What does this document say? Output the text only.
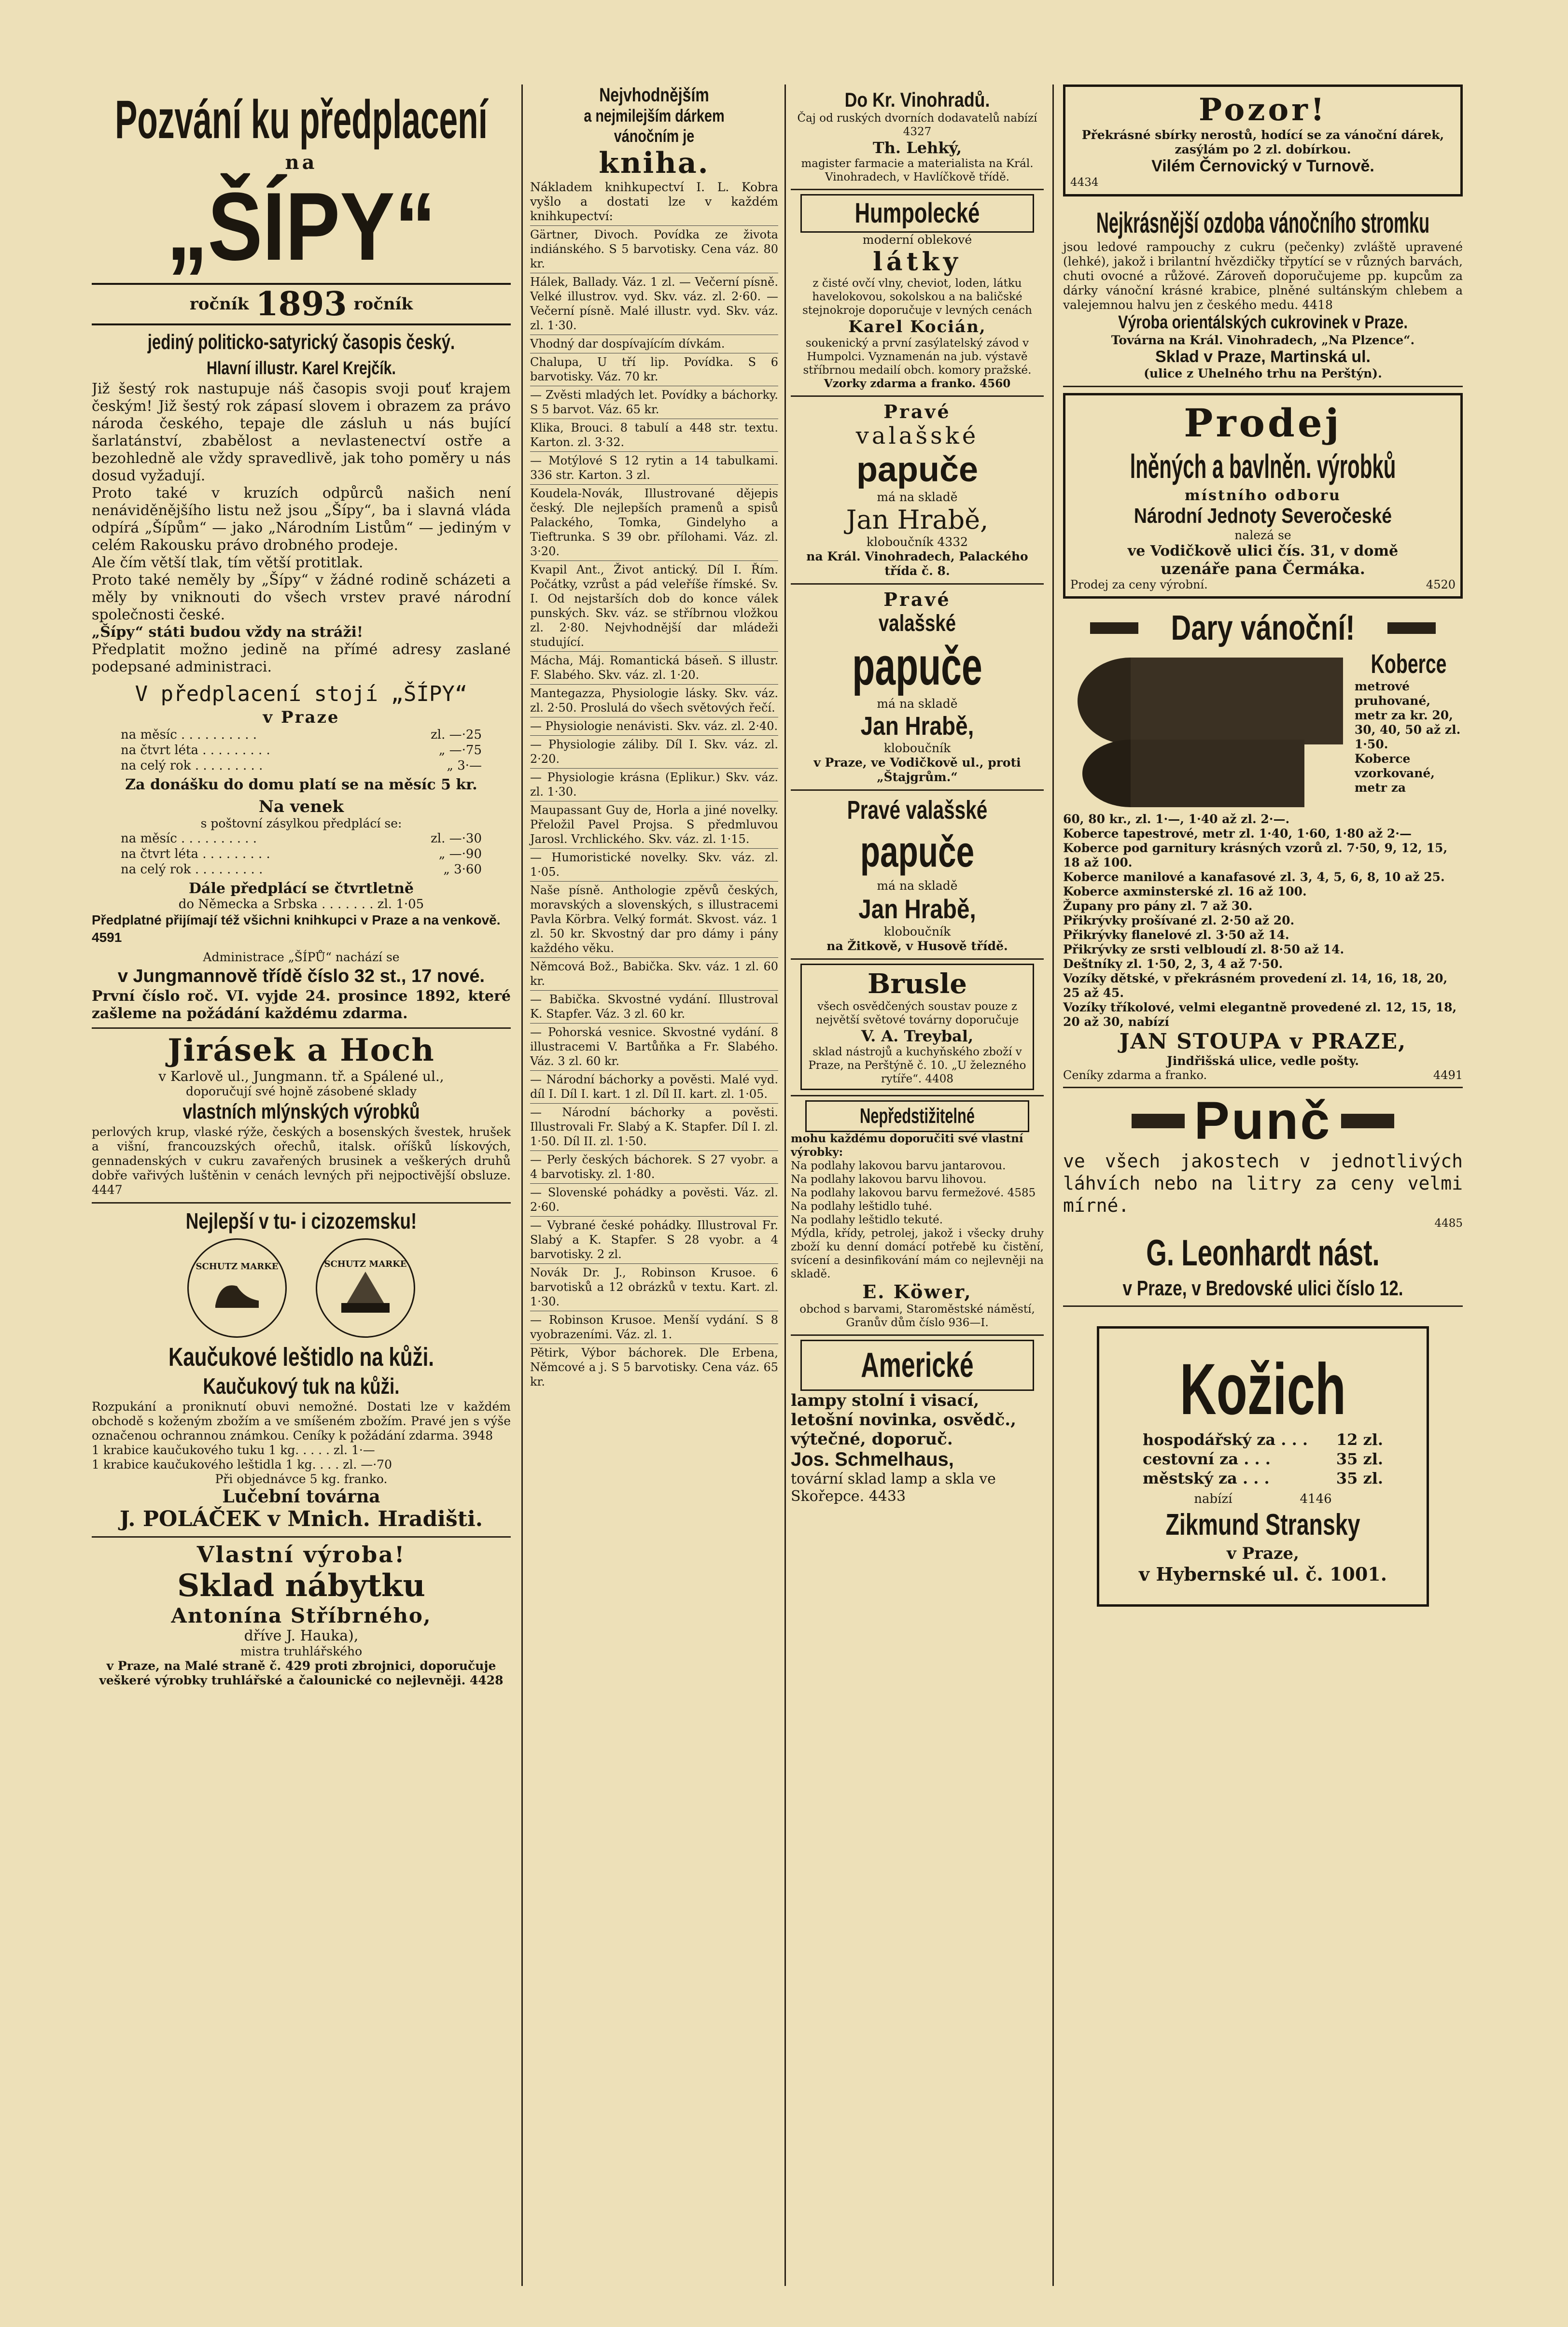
Pozvání ku předplacení

na

„ŠÍPY“

ročník 1893 ročník

jediný politicko-satyrický časopis český.

Hlavní illustr. Karel Krejčík.

Již šestý rok nastupuje náš časopis svoji pouť krajem českým! Již šestý rok zápasí slovem i obrazem za právo národa českého, tepaje dle zásluh u nás bující šarlatánství, zbabělost a nevlastenectví ostře a bezohledně ale vždy spravedlivě, jak toho poměry u nás dosud vyžadují.

Proto také v kruzích odpůrců našich není nenáviděnějšího listu než jsou „Šípy“, ba i slavná vláda odpírá „Šípům“ — jako „Národním Listům“ — jediným v celém Rakousku právo drobného prodeje.

Ale čím větší tlak, tím větší protitlak.

Proto také neměly by „Šípy“ v žádné rodině scházeti a měly by vniknouti do všech vrstev pravé národní společnosti české.

„Šípy“ státi budou vždy na stráži!

Předplatit možno jedině na přímé adresy zaslané podepsané administraci.

V předplacení stojí „ŠÍPY“

v Praze

na měsíc . . . . . . . . . .	zl. —·25
na čtvrt léta . . . . . . . . .	„ —·75
na celý rok . . . . . . . . .	„ 3·—

Za donášku do domu platí se na měsíc 5 kr.

Na venek

s poštovní zásylkou předplácí se:

na měsíc . . . . . . . . . .	zl. —·30
na čtvrt léta . . . . . . . . .	„ —·90
na celý rok . . . . . . . . .	„ 3·60

Dále předplácí se čtvrtletně

do Německa a Srbska . . . . . . . zl. 1·05

Předplatné přijímají též všichni knihkupci v Praze a na venkově. 4591

Administrace „ŠÍPŮ“ nachází se

v Jungmannově třídě číslo 32 st., 17 nové.

První číslo roč. VI. vyjde 24. prosince 1892, které zašleme na požádání každému zdarma.

Jirásek a Hoch

v Karlově ul., Jungmann. tř. a Spálené ul.,

doporučují své hojně zásobené sklady

vlastních mlýnských výrobků

perlových krup, vlaské rýže, českých a bosenských švestek, hrušek a višní, francouzských ořechů, italsk. oříšků lískových, gennadenských v cukru zavařených brusinek a veškerých druhů dobře vařivých luštěnin v cenách levných při nejpoctivější obsluze. 4447

Nejlepší v tu- i cizozemsku!

SCHUTZ MARKE	SCHUTZ MARKE

Kaučukové leštidlo na kůži.

Kaučukový tuk na kůži.

Rozpukání a proniknutí obuvi nemožné. Dostati lze v každém obchodě s koženým zbožím a ve smíšeném zbožím. Pravé jen s výše označenou ochrannou známkou. Ceníky k požádání zdarma. 3948

1 krabice kaučukového tuku 1 kg. . . . . zl. 1·—

1 krabice kaučukového leštidla 1 kg. . . . zl. —·70

Při objednávce 5 kg. franko.

Lučební továrna

J. POLÁČEK v Mnich. Hradišti.

Vlastní výroba!

Sklad nábytku

Antonína Stříbrného,

dříve J. Hauka),

mistra truhlářského

v Praze, na Malé straně č. 429 proti zbrojnici, doporučuje veškeré výrobky truhlářské a čalounické co nejlevněji. 4428

Nejvhodnějším

a nejmilejším dárkem vánočním je

kniha.

Nákladem knihkupectví I. L. Kobra vyšlo a dostati lze v každém knihkupectví:

Gärtner, Divoch. Povídka ze života indiánského. S 5 barvotisky. Cena váz. 80 kr.

Hálek, Ballady. Váz. 1 zl. — Večerní písně. Velké illustrov. vyd. Skv. váz. zl. 2·60. — Večerní písně. Malé illustr. vyd. Skv. váz. zl. 1·30.

Vhodný dar dospívajícím dívkám.

Chalupa, U tří lip. Povídka. S 6 barvotisky. Váz. 70 kr.

— Zvěsti mladých let. Povídky a báchorky. S 5 barvot. Váz. 65 kr.

Klika, Brouci. 8 tabulí a 448 str. textu. Karton. zl. 3·32.

— Motýlové S 12 rytin a 14 tabulkami. 336 str. Karton. 3 zl.

Koudela-Novák, Illustrované dějepis český. Dle nejlepších pramenů a spisů Palackého, Tomka, Gindelyho a Tieftrunka. S 39 obr. přílohami. Váz. zl. 3·20.

Kvapil Ant., Život antický. Díl I. Řím. Počátky, vzrůst a pád veleříše římské. Sv. I. Od nejstarších dob do konce válek punských. Skv. váz. se stříbrnou vložkou zl. 2·80. Nejvhodnější dar mládeži studující.

Mácha, Máj. Romantická báseň. S illustr. F. Slabého. Skv. váz. zl. 1·20.

Mantegazza, Physiologie lásky. Skv. váz. zl. 2·50. Proslulá do všech světových řečí.

— Physiologie nenávisti. Skv. váz. zl. 2·40.

— Physiologie záliby. Díl I. Skv. váz. zl. 2·20.

— Physiologie krásna (Eplikur.) Skv. váz. zl. 1·30.

Maupassant Guy de, Horla a jiné novelky. Přeložil Pavel Projsa. S předmluvou Jarosl. Vrchlického. Skv. váz. zl. 1·15.

— Humoristické novelky. Skv. váz. zl. 1·05.

Naše písně. Anthologie zpěvů českých, moravských a slovenských, s illustracemi Pavla Körbra. Velký formát. Skvost. váz. 1 zl. 50 kr. Skvostný dar pro dámy i pány každého věku.

Němcová Bož., Babička. Skv. váz. 1 zl. 60 kr.

— Babička. Skvostné vydání. Illustroval K. Stapfer. Váz. 3 zl. 60 kr.

— Pohorská vesnice. Skvostné vydání. 8 illustracemi V. Bartůňka a Fr. Slabého. Váz. 3 zl. 60 kr.

— Národní báchorky a pověsti. Malé vyd. díl I. Díl I. kart. 1 zl. Díl II. kart. zl. 1·05.

— Národní báchorky a pověsti. Illustrovali Fr. Slabý a K. Stapfer. Díl I. zl. 1·50. Díl II. zl. 1·50.

— Perly českých báchorek. S 27 vyobr. a 4 barvotisky. zl. 1·80.

— Slovenské pohádky a pověsti. Váz. zl. 2·60.

— Vybrané české pohádky. Illustroval Fr. Slabý a K. Stapfer. S 28 vyobr. a 4 barvotisky. 2 zl.

Novák Dr. J., Robinson Krusoe. 6 barvotisků a 12 obrázků v textu. Kart. zl. 1·30.

— Robinson Krusoe. Menší vydání. S 8 vyobrazeními. Váz. zl. 1.

Pětirk, Výbor báchorek. Dle Erbena, Němcové a j. S 5 barvotisky. Cena váz. 65 kr.

Do Kr. Vinohradů.

Čaj od ruských dvorních dodavatelů nabízí 4327

Th. Lehký,

magister farmacie a materialista na Král. Vinohradech, v Havlíčkově třídě.

Humpolecké

moderní oblekové

látky

z čisté ovčí vlny, cheviot, loden, látku havelokovou, sokolskou a na baličské stejnokroje doporučuje v levných cenách

Karel Kocián,

soukenický a první zasýlatelský závod v Humpolci. Vyznamenán na jub. výstavě stříbrnou medailí obch. komory pražské.

Vzorky zdarma a franko. 4560

Pravé

valašské

papuče

má na skladě

Jan Hrabě,

kloboučník 4332

na Král. Vinohradech, Palackého třída č. 8.

Pravé

valašské

papuče

má na skladě

Jan Hrabě,

kloboučník

v Praze, ve Vodičkově ul., proti „Štajgrům.“

Pravé valašské

papuče

má na skladě

Jan Hrabě,

kloboučník

na Žitkově, v Husově třídě.

Brusle

všech osvědčených soustav pouze z největší světové továrny doporučuje

V. A. Treybal,

sklad nástrojů a kuchyňského zboží v Praze, na Perštýně č. 10. „U železného rytíře“. 4408

Nepředstižitelné

mohu každému doporučiti své vlastní výrobky:

Na podlahy lakovou barvu jantarovou.

Na podlahy lakovou barvu lihovou.

Na podlahy lakovou barvu fermežové. 4585

Na podlahy leštidlo tuhé.

Na podlahy leštidlo tekuté.

Mýdla, křídy, petrolej, jakož i všecky druhy zboží ku denní domácí potřebě ku čistění, svícení a desinfikování mám co nejlevněji na skladě.

E. Köwer,

obchod s barvami, Staroměstské náměstí, Granův dům číslo 936—I.

Americké

lampy stolní i visací, letošní novinka, osvědč., výtečné, doporuč.

Jos. Schmelhaus,

tovární sklad lamp a skla ve Skořepce. 4433

Pozor!

Překrásné sbírky nerostů, hodící se za vánoční dárek, zasýlám po 2 zl. dobírkou.

Vilém Černovický v Turnově.

4434

Nejkrásnější ozdoba vánočního stromku

jsou ledové rampouchy z cukru (pečenky) zvláště upravené (lehké), jakož i brilantní hvězdičky třpytící se v různých barvách, chuti ovocné a růžové. Zároveň doporučujeme pp. kupcům za dárky vánoční krásné krabice, plněné sultánským chlebem a valejemnou halvu jen z českého medu. 4418

Výroba orientálských cukrovinek v Praze.

Továrna na Král. Vinohradech, „Na Plzence“.

Sklad v Praze, Martinská ul.

(ulice z Uhelného trhu na Perštýn).

Prodej

lněných a bavlněn. výrobků

místního odboru

Národní Jednoty Severočeské

nalezá se

ve Vodičkově ulici čís. 31, v domě

uzenáře pana Čermáka.

Prodej za ceny výrobní.	4520
Dary vánoční!

Koberce

metrové pruhované, metr za kr. 20, 30, 40, 50 až zl. 1·50.

Koberce vzorkované, metr za

60, 80 kr., zl. 1·—, 1·40 až zl. 2·—.

Koberce tapestrové, metr zl. 1·40, 1·60, 1·80 až 2·—

Koberce pod garnitury krásných vzorů zl. 7·50, 9, 12, 15, 18 až 100.

Koberce manilové a kanafasové zl. 3, 4, 5, 6, 8, 10 až 25.

Koberce axminsterské zl. 16 až 100.

Župany pro pány zl. 7 až 30.

Přikrývky prošívané zl. 2·50 až 20.

Přikrývky flanelové zl. 3·50 až 14.

Přikrývky ze srsti velbloudí zl. 8·50 až 14.

Deštníky zl. 1·50, 2, 3, 4 až 7·50.

Vozíky dětské, v překrásném provedení zl. 14, 16, 18, 20, 25 až 45.

Vozíky tříkolové, velmi elegantně provedené zl. 12, 15, 18, 20 až 30, nabízí

JAN STOUPA v PRAZE,

Jindřišská ulice, vedle pošty.

Ceníky zdarma a franko.	4491
Punč

ve všech jakostech v jednotlivých láhvích nebo na litry za ceny velmi mírné.

4485

G. Leonhardt nást.

v Praze, v Bredovské ulici číslo 12.

Kožich

hospodářský za . . . 12 zl.
cestovní za . . .	35 zl.
městský za . . .	35 zl.
nabízí	4146

Zikmund Stransky

v Praze,

v Hybernské ul. č. 1001.
